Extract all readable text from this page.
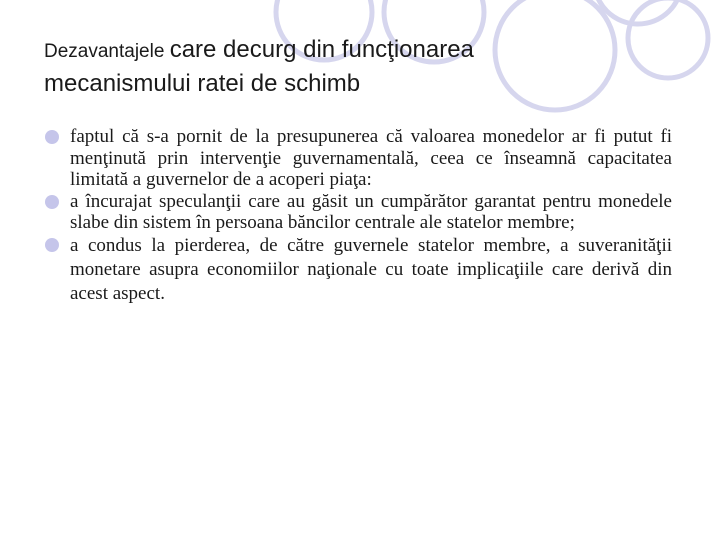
Dezavantajele care decurg din funcţionarea
mecanismului ratei de schimb
faptul că s-a pornit de la presupunerea că valoarea monedelor ar fi putut fi menţinută prin intervenţie guvernamentală, ceea ce înseamnă capacitatea limitată a guvernelor de a acoperi piaţa:
a încurajat speculanţii care au găsit un cumpărător garantat pentru monedele slabe din sistem în persoana băncilor centrale ale statelor membre;
a condus la pierderea, de către guvernele statelor membre, a suveranităţii monetare asupra economiilor naţionale cu toate implicaţiile care derivă din acest aspect.
